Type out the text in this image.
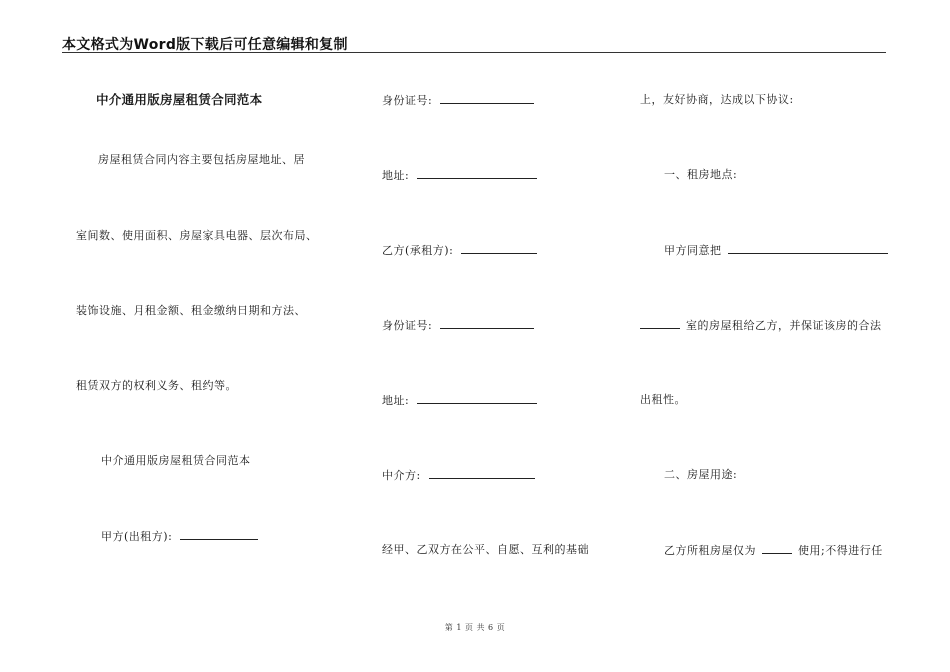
本文格式为Word版下载后可任意编辑和复制
中介通用版房屋租赁合同范本
房屋租赁合同内容主要包括房屋地址、居
室间数、使用面积、房屋家具电器、层次布局、
装饰设施、月租金额、租金缴纳日期和方法、
租赁双方的权利义务、租约等。
中介通用版房屋租赁合同范本
甲方(出租方):
身份证号:
地址:
乙方(承租方):
身份证号:
地址:
中介方:
经甲、乙双方在公平、自愿、互利的基础
上，友好协商，达成以下协议:
一、租房地点:
甲方同意把
室的房屋租给乙方，并保证该房的合法
出租性。
二、房屋用途:
乙方所租房屋仅为	使用;不得进行任
第 1 页 共 6 页
